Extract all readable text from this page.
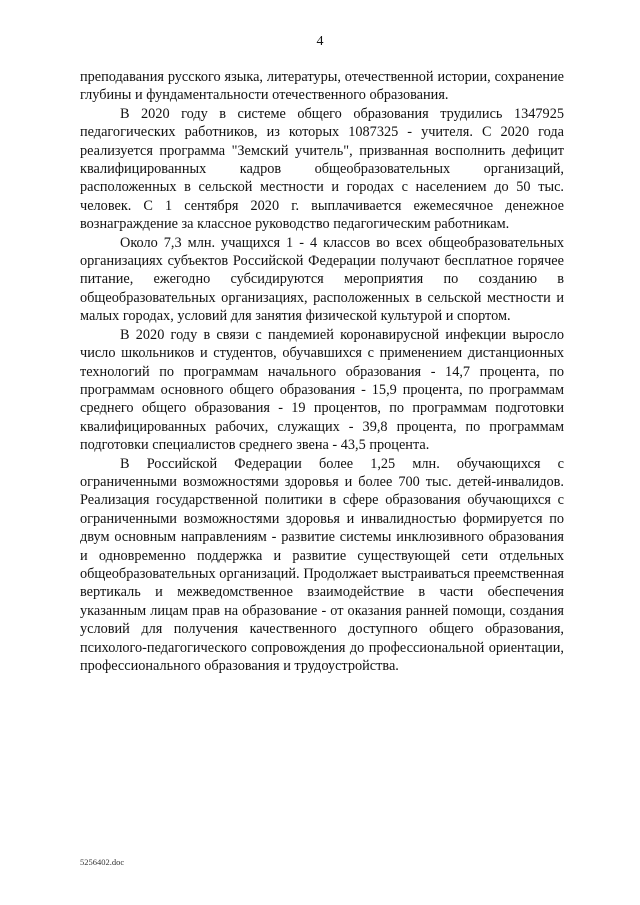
4

преподавания русского языка, литературы, отечественной истории, сохранение глубины и фундаментальности отечественного образования.

В 2020 году в системе общего образования трудились 1347925 педагогических работников, из которых 1087325 - учителя. С 2020 года реализуется программа "Земский учитель", призванная восполнить дефицит квалифицированных кадров общеобразовательных организаций, расположенных в сельской местности и городах с населением до 50 тыс. человек. С 1 сентября 2020 г. выплачивается ежемесячное денежное вознаграждение за классное руководство педагогическим работникам.

Около 7,3 млн. учащихся 1 - 4 классов во всех общеобразовательных организациях субъектов Российской Федерации получают бесплатное горячее питание, ежегодно субсидируются мероприятия по созданию в общеобразовательных организациях, расположенных в сельской местности и малых городах, условий для занятия физической культурой и спортом.

В 2020 году в связи с пандемией коронавирусной инфекции выросло число школьников и студентов, обучавшихся с применением дистанционных технологий по программам начального образования - 14,7 процента, по программам основного общего образования - 15,9 процента, по программам среднего общего образования - 19 процентов, по программам подготовки квалифицированных рабочих, служащих - 39,8 процента, по программам подготовки специалистов среднего звена - 43,5 процента.

В Российской Федерации более 1,25 млн. обучающихся с ограниченными возможностями здоровья и более 700 тыс. детей-инвалидов. Реализация государственной политики в сфере образования обучающихся с ограниченными возможностями здоровья и инвалидностью формируется по двум основным направлениям - развитие системы инклюзивного образования и одновременно поддержка и развитие существующей сети отдельных общеобразовательных организаций. Продолжает выстраиваться преемственная вертикаль и межведомственное взаимодействие в части обеспечения указанным лицам прав на образование - от оказания ранней помощи, создания условий для получения качественного доступного общего образования, психолого-педагогического сопровождения до профессиональной ориентации, профессионального образования и трудоустройства.

5256402.doc
